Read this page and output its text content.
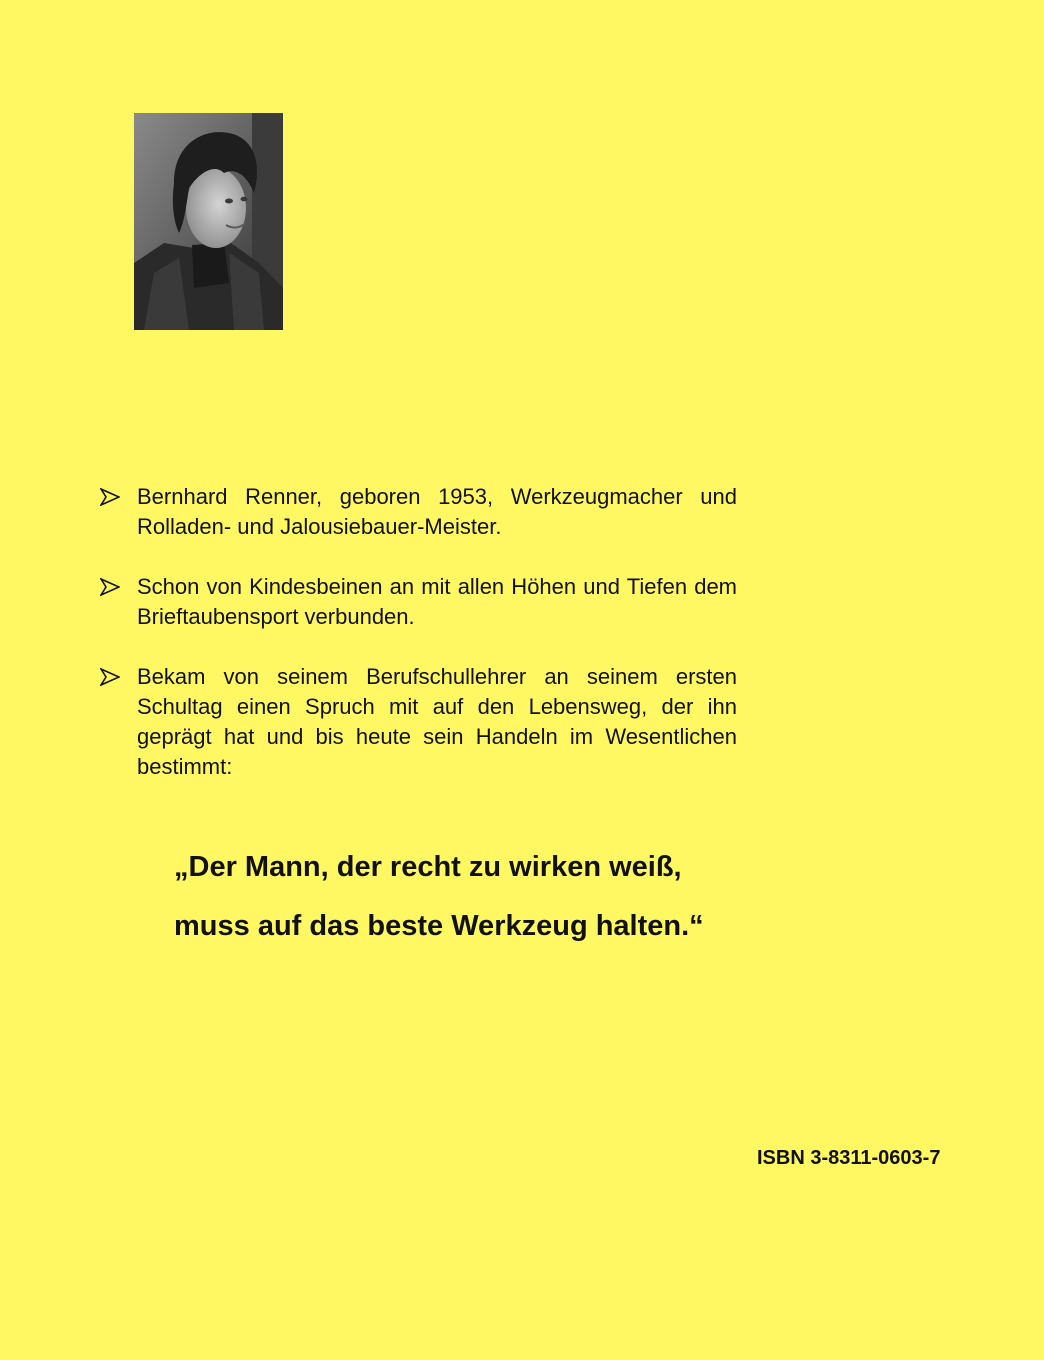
Bernhard Renner, geboren 1953, Werkzeugmacher und Rolladen- und Jalousiebauer-Meister.
Schon von Kindesbeinen an mit allen Höhen und Tiefen dem Brieftaubensport verbunden.
Bekam von seinem Berufschullehrer an seinem ersten Schultag einen Spruch mit auf den Lebensweg, der ihn geprägt hat und bis heute sein Handeln im Wesentlichen bestimmt:
„Der Mann, der recht zu wirken weiß,
muss auf das beste Werkzeug halten.“
ISBN 3-8311-0603-7
